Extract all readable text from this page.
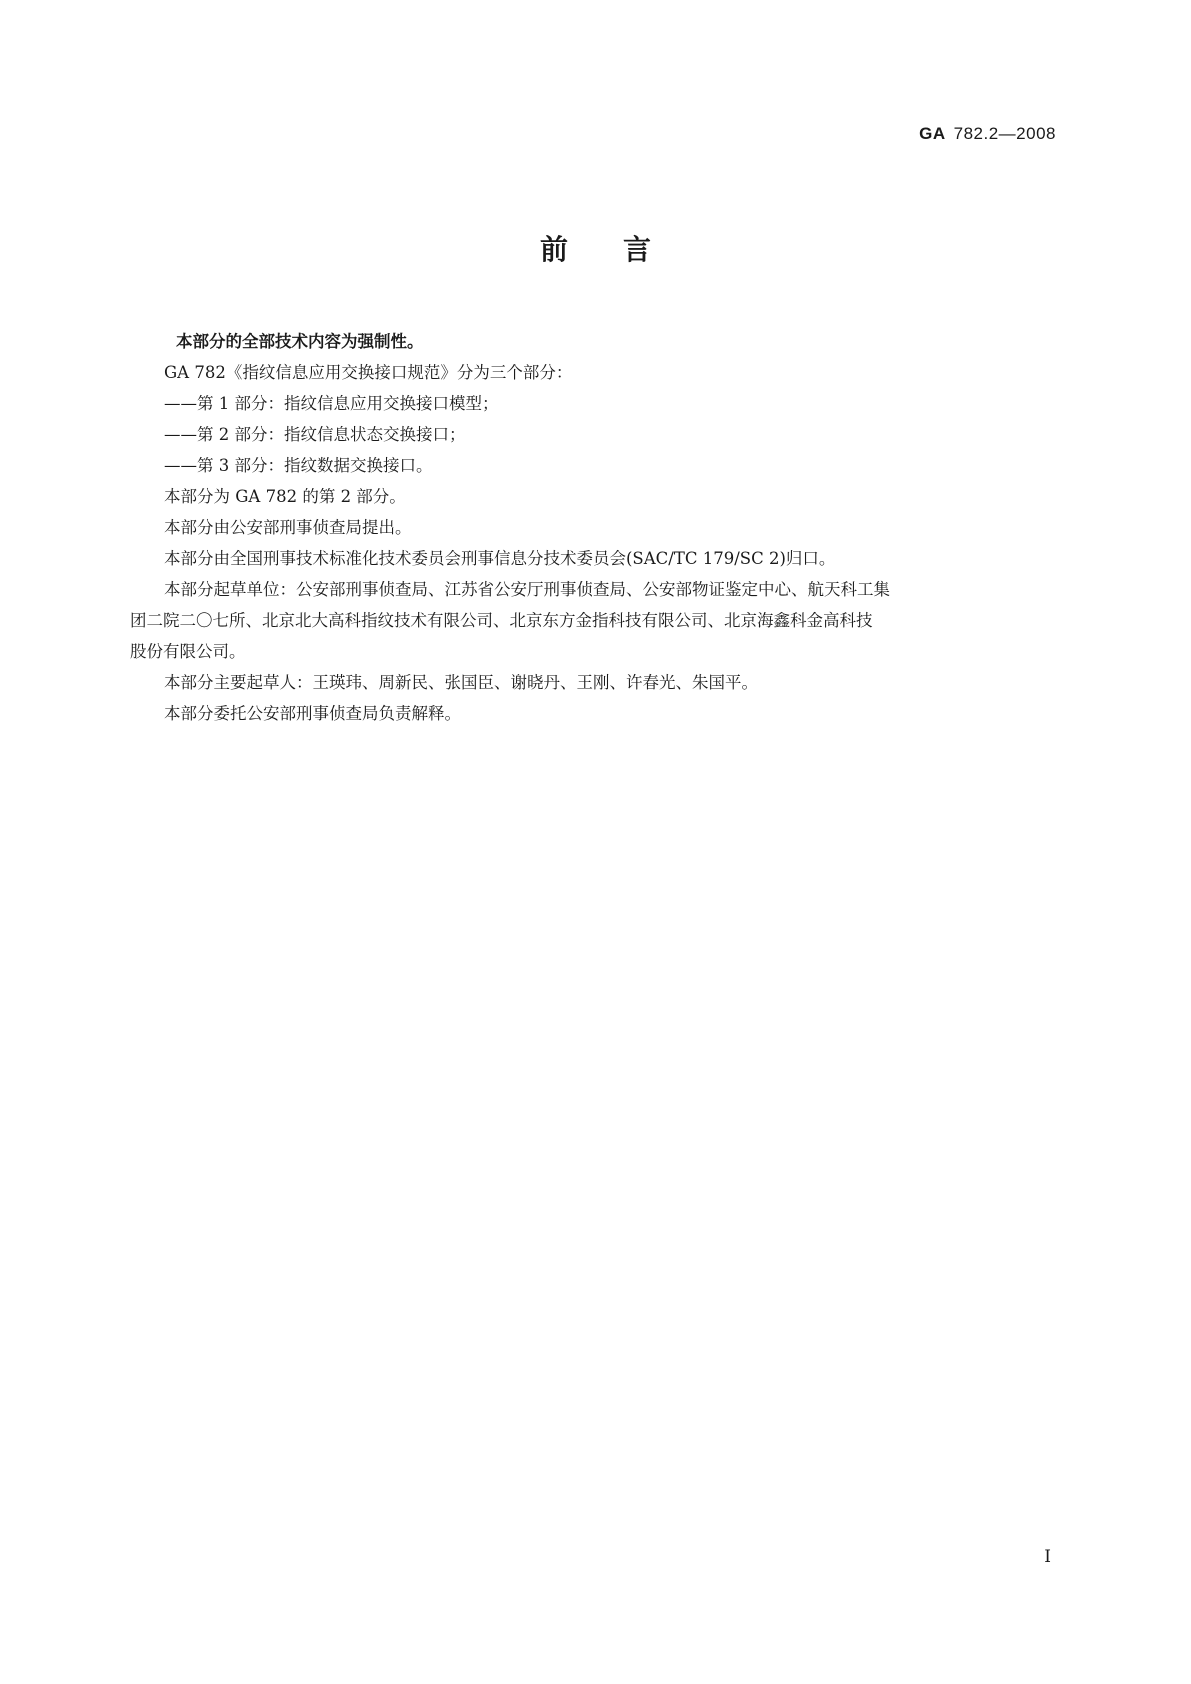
GA 782.2—2008
前言

本部分的全部技术内容为强制性。

GA 782《指纹信息应用交换接口规范》分为三个部分：

——第 1 部分：指纹信息应用交换接口模型；

——第 2 部分：指纹信息状态交换接口；

——第 3 部分：指纹数据交换接口。

本部分为 GA 782 的第 2 部分。

本部分由公安部刑事侦查局提出。

本部分由全国刑事技术标准化技术委员会刑事信息分技术委员会(SAC/TC 179/SC 2)归口。

本部分起草单位：公安部刑事侦查局、江苏省公安厅刑事侦查局、公安部物证鉴定中心、航天科工集
团二院二〇七所、北京北大高科指纹技术有限公司、北京东方金指科技有限公司、北京海鑫科金高科技
股份有限公司。

本部分主要起草人：王瑛玮、周新民、张国臣、谢晓丹、王刚、许春光、朱国平。

本部分委托公安部刑事侦查局负责解释。

I
